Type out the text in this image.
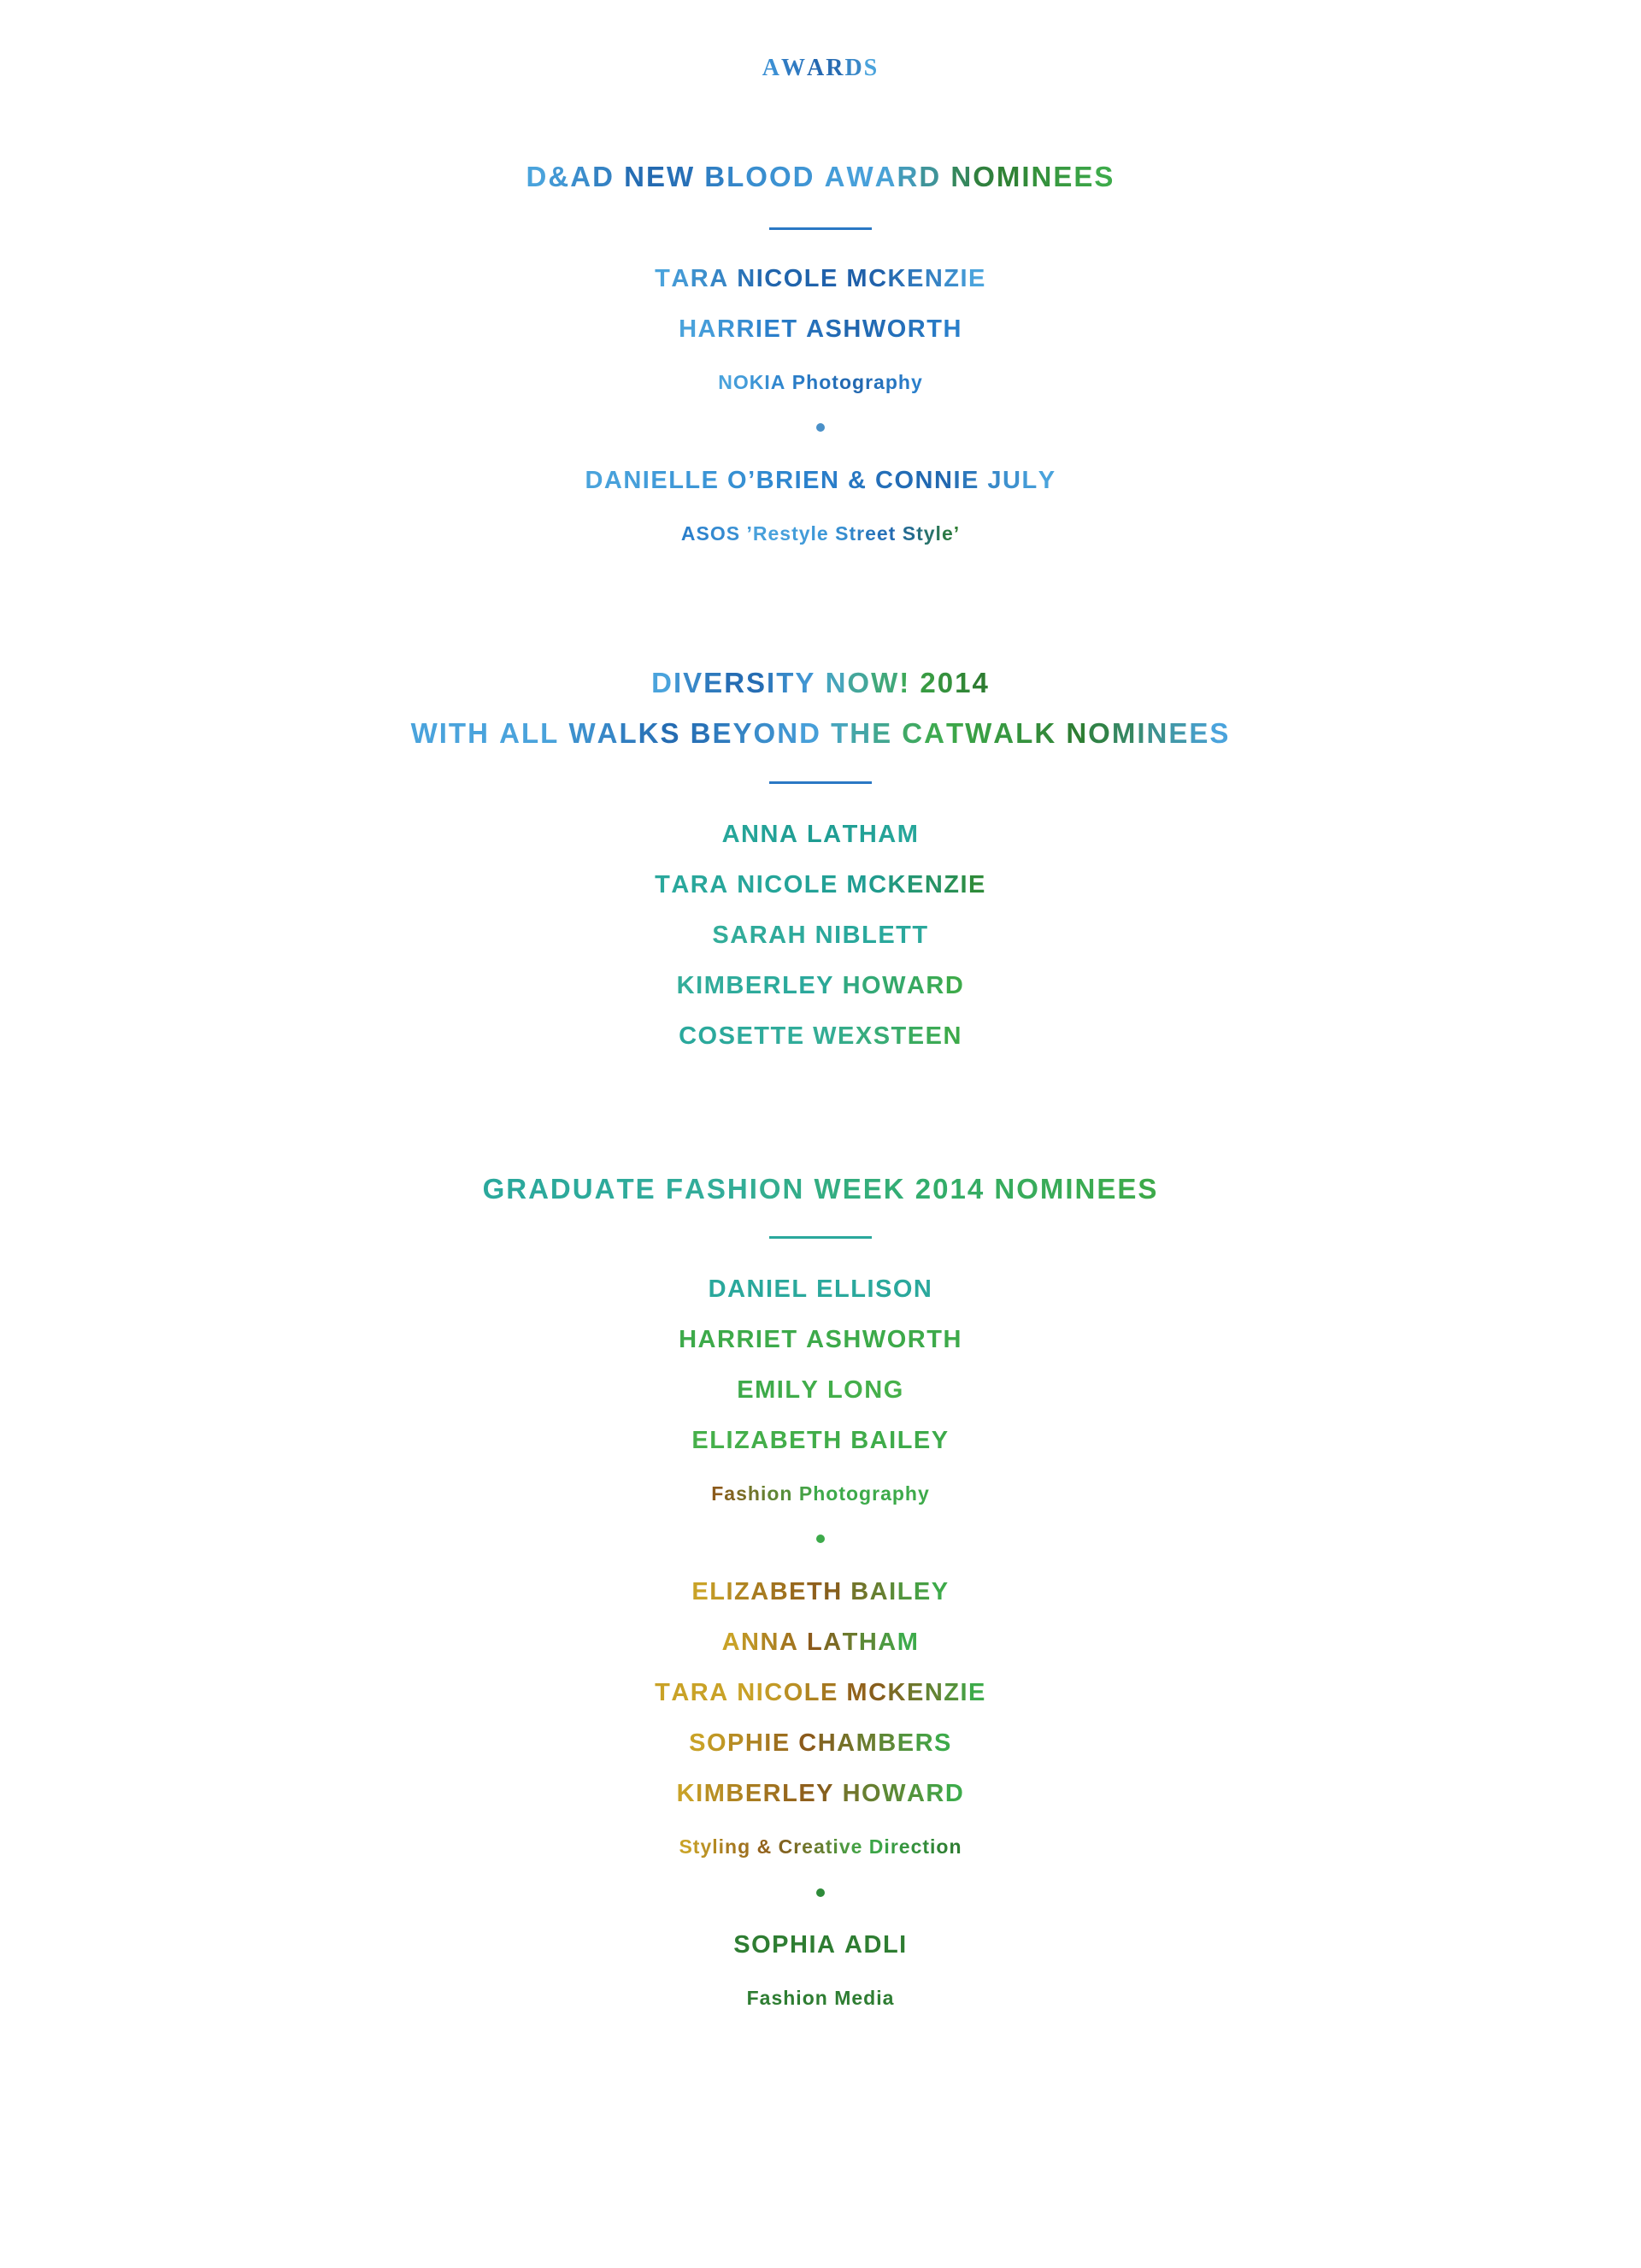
AWARDS
D&AD NEW BLOOD AWARD NOMINEES
TARA NICOLE MCKENZIE
HARRIET ASHWORTH
NOKIA Photography
DANIELLE O’BRIEN & CONNIE JULY
ASOS ’Restyle Street Style’
DIVERSITY NOW! 2014
WITH ALL WALKS BEYOND THE CATWALK NOMINEES
ANNA LATHAM
TARA NICOLE MCKENZIE
SARAH NIBLETT
KIMBERLEY HOWARD
COSETTE WEXSTEEN
GRADUATE FASHION WEEK 2014 NOMINEES
DANIEL ELLISON
HARRIET ASHWORTH
EMILY LONG
ELIZABETH BAILEY
Fashion Photography
ELIZABETH BAILEY
ANNA LATHAM
TARA NICOLE MCKENZIE
SOPHIE CHAMBERS
KIMBERLEY HOWARD
Styling & Creative Direction
SOPHIA ADLI
Fashion Media
